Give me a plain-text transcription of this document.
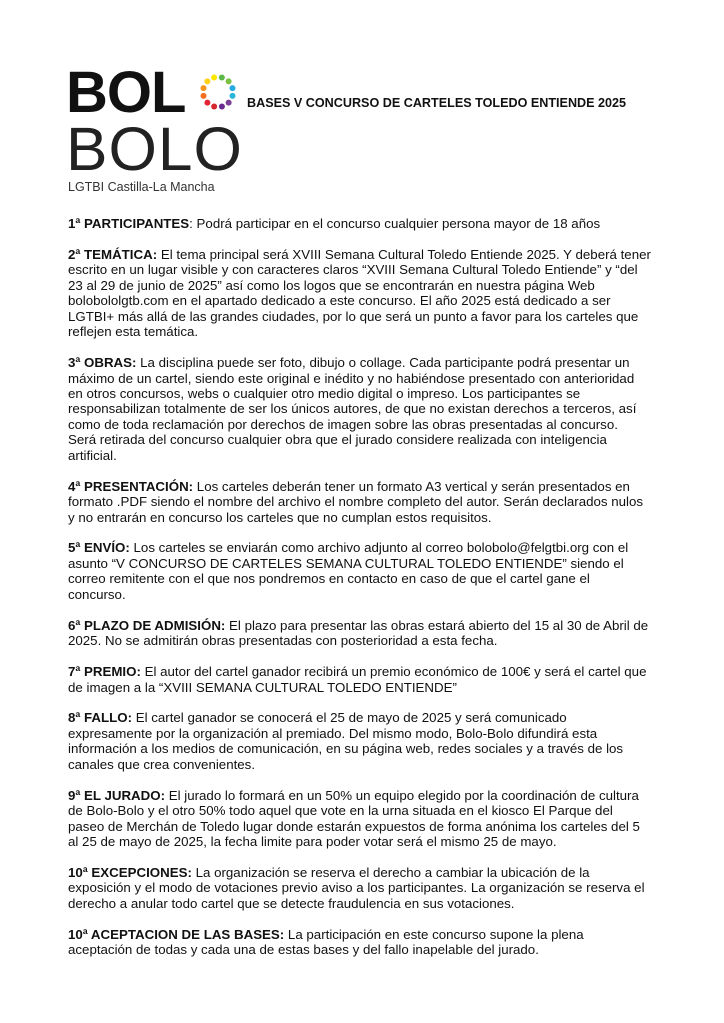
BOL
BOLO
LGTBI Castilla-La Mancha
BASES V CONCURSO DE CARTELES TOLEDO ENTIENDE 2025
1ª PARTICIPANTES: Podrá participar en el concurso cualquier persona mayor de 18 años
2ª TEMÁTICA: El tema principal será XVIII Semana Cultural Toledo Entiende 2025. Y deberá tener
escrito en un lugar visible y con caracteres claros “XVIII Semana Cultural Toledo Entiende” y “del
23 al 29 de junio de 2025” así como los logos que se encontrarán en nuestra página Web
bolobololgtb.com en el apartado dedicado a este concurso. El año 2025 está dedicado a ser
LGTBI+ más allá de las grandes ciudades, por lo que será un punto a favor para los carteles que
reflejen esta temática.
3ª OBRAS: La disciplina puede ser foto, dibujo o collage. Cada participante podrá presentar un
máximo de un cartel, siendo este original e inédito y no habiéndose presentado con anterioridad
en otros concursos, webs o cualquier otro medio digital o impreso. Los participantes se
responsabilizan totalmente de ser los únicos autores, de que no existan derechos a terceros, así
como de toda reclamación por derechos de imagen sobre las obras presentadas al concurso.
Será retirada del concurso cualquier obra que el jurado considere realizada con inteligencia
artificial.
4ª PRESENTACIÓN: Los carteles deberán tener un formato A3 vertical y serán presentados en
formato .PDF siendo el nombre del archivo el nombre completo del autor. Serán declarados nulos
y no entrarán en concurso los carteles que no cumplan estos requisitos.
5ª ENVÍO: Los carteles se enviarán como archivo adjunto al correo bolobolo@felgtbi.org con el
asunto “V CONCURSO DE CARTELES SEMANA CULTURAL TOLEDO ENTIENDE” siendo el
correo remitente con el que nos pondremos en contacto en caso de que el cartel gane el
concurso.
6ª PLAZO DE ADMISIÓN: El plazo para presentar las obras estará abierto del 15 al 30 de Abril de
2025. No se admitirán obras presentadas con posterioridad a esta fecha.
7ª PREMIO: El autor del cartel ganador recibirá un premio económico de 100€ y será el cartel que
de imagen a la “XVIII SEMANA CULTURAL TOLEDO ENTIENDE”
8ª FALLO: El cartel ganador se conocerá el 25 de mayo de 2025 y será comunicado
expresamente por la organización al premiado. Del mismo modo, Bolo-Bolo difundirá esta
información a los medios de comunicación, en su página web, redes sociales y a través de los
canales que crea convenientes.
9ª EL JURADO: El jurado lo formará en un 50% un equipo elegido por la coordinación de cultura
de Bolo-Bolo y el otro 50% todo aquel que vote en la urna situada en el kiosco El Parque del
paseo de Merchán de Toledo lugar donde estarán expuestos de forma anónima los carteles del 5
al 25 de mayo de 2025, la fecha limite para poder votar será el mismo 25 de mayo.
10ª EXCEPCIONES: La organización se reserva el derecho a cambiar la ubicación de la
exposición y el modo de votaciones previo aviso a los participantes. La organización se reserva el
derecho a anular todo cartel que se detecte fraudulencia en sus votaciones.
10ª ACEPTACION DE LAS BASES: La participación en este concurso supone la plena
aceptación de todas y cada una de estas bases y del fallo inapelable del jurado.
